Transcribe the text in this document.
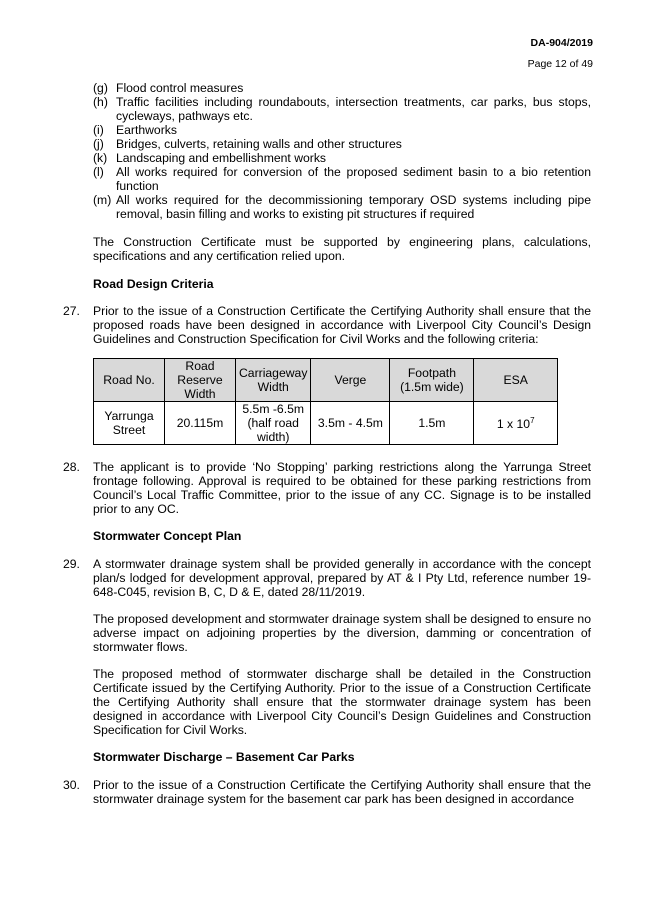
DA-904/2019
Page 12 of 49
(g) Flood control measures
(h) Traffic facilities including roundabouts, intersection treatments, car parks, bus stops, cycleways, pathways etc.
(i) Earthworks
(j) Bridges, culverts, retaining walls and other structures
(k) Landscaping and embellishment works
(l) All works required for conversion of the proposed sediment basin to a bio retention function
(m) All works required for the decommissioning temporary OSD systems including pipe removal, basin filling and works to existing pit structures if required
The Construction Certificate must be supported by engineering plans, calculations, specifications and any certification relied upon.
Road Design Criteria
27. Prior to the issue of a Construction Certificate the Certifying Authority shall ensure that the proposed roads have been designed in accordance with Liverpool City Council’s Design Guidelines and Construction Specification for Civil Works and the following criteria:
Road No.	Road Reserve Width	Carriageway Width	Verge	Footpath (1.5m wide)	ESA
Yarrunga Street	20.115m	5.5m -6.5m (half road width)	3.5m - 4.5m	1.5m	1 x $10^7$
28. The applicant is to provide ‘No Stopping’ parking restrictions along the Yarrunga Street frontage following. Approval is required to be obtained for these parking restrictions from Council’s Local Traffic Committee, prior to the issue of any CC. Signage is to be installed prior to any OC.
Stormwater Concept Plan
29. A stormwater drainage system shall be provided generally in accordance with the concept plan/s lodged for development approval, prepared by AT & I Pty Ltd, reference number 19-648-C045, revision B, C, D & E, dated 28/11/2019.
The proposed development and stormwater drainage system shall be designed to ensure no adverse impact on adjoining properties by the diversion, damming or concentration of stormwater flows.
The proposed method of stormwater discharge shall be detailed in the Construction Certificate issued by the Certifying Authority. Prior to the issue of a Construction Certificate the Certifying Authority shall ensure that the stormwater drainage system has been designed in accordance with Liverpool City Council’s Design Guidelines and Construction Specification for Civil Works.
Stormwater Discharge – Basement Car Parks
30. Prior to the issue of a Construction Certificate the Certifying Authority shall ensure that the stormwater drainage system for the basement car park has been designed in accordance
